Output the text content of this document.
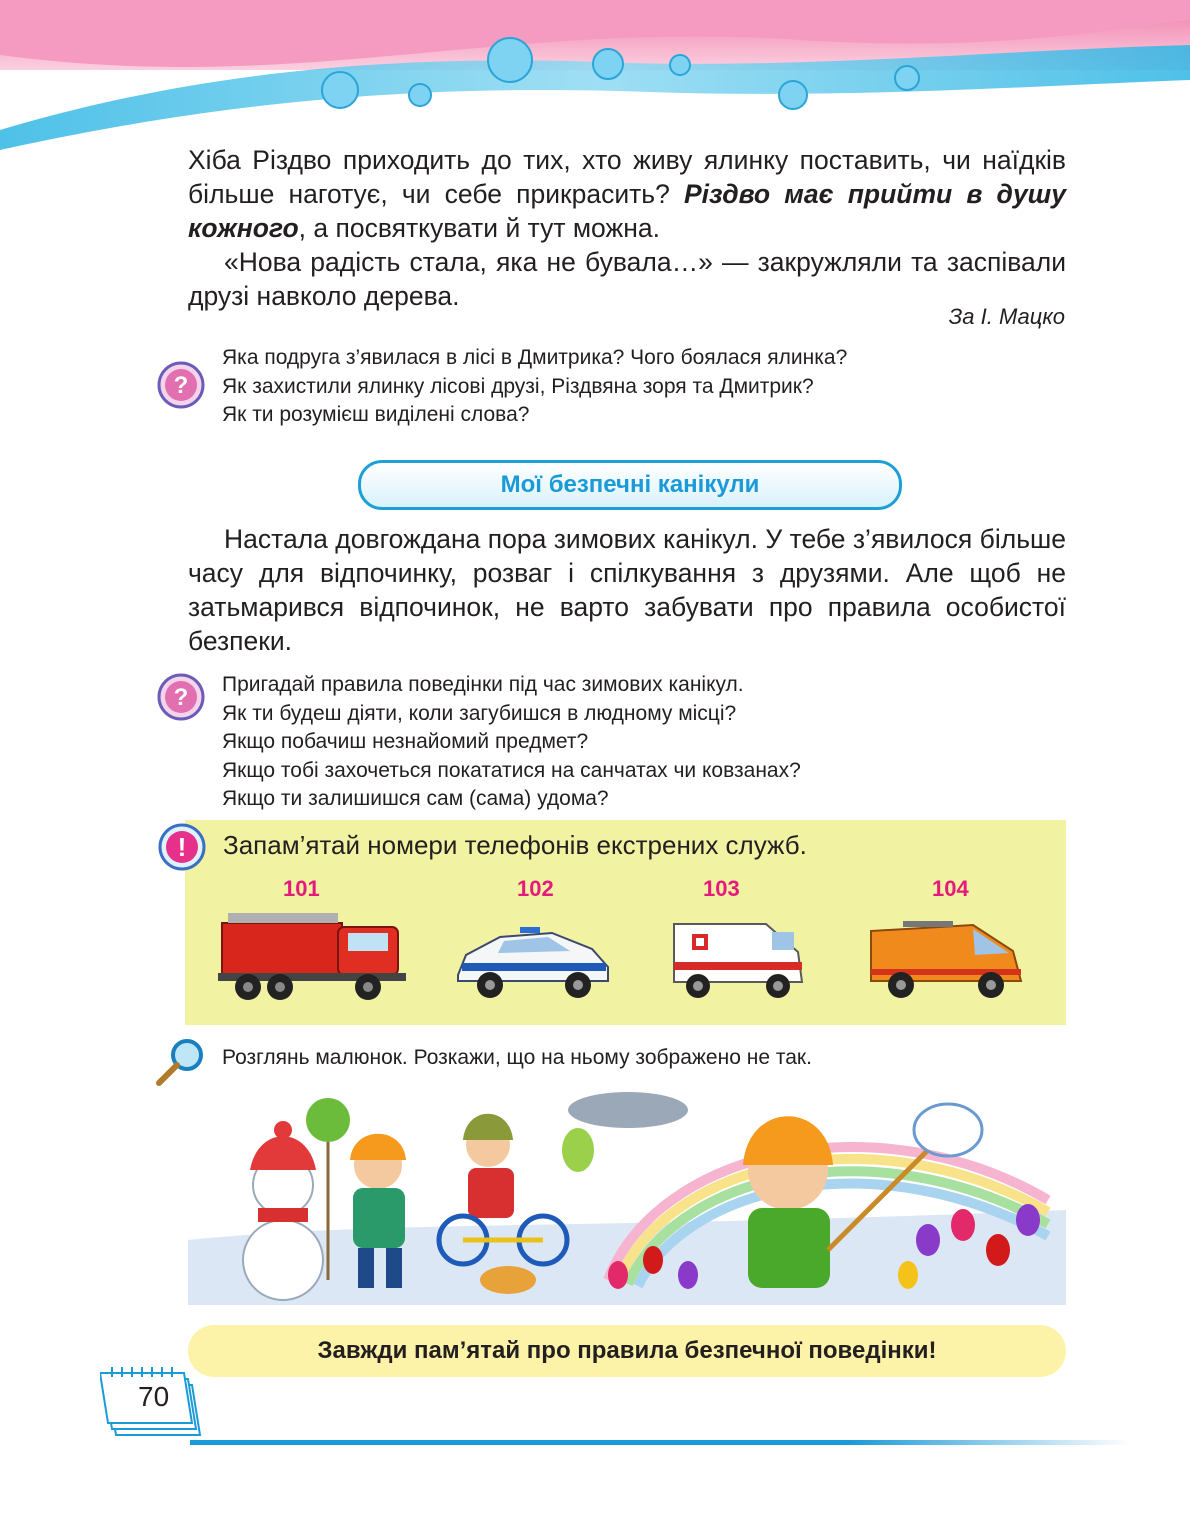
Хіба Різдво приходить до тих, хто живу ялинку поставить, чи наїдків більше наготує, чи себе прикрасить? Різдво має прийти в душу кожного, а посвяткувати й тут можна.

«Нова радість стала, яка не бувала…» — закружляли та заспівали друзі навколо дерева.

За І. Мацко
?
Яка подруга з’явилася в лісі в Дмитрика? Чого боялася ялинка?
Як захистили ялинку лісові друзі, Різдвяна зоря та Дмитрик?
Як ти розумієш виділені слова?
Мої безпечні канікули

Настала довгождана пора зимових канікул. У тебе з’явилося більше часу для відпочинку, розваг і спілкування з друзями. Але щоб не затьмарився відпочинок, не варто забувати про правила особистої безпеки.

? Пригадай правила поведінки під час зимових канікул.
Як ти будеш діяти, коли загубишся в людному місці?
Якщо побачиш незнайомий предмет?
Якщо тобі захочеться покататися на санчатах чи ковзанах?
Якщо ти залишишся сам (сама) удома?
! Запам’ятай номери телефонів екстрених служб.
101	102	103	104
Розглянь малюнок. Розкажи, що на ньому зображено не так.
Завжди пам’ятай про правила безпечної поведінки!
70
